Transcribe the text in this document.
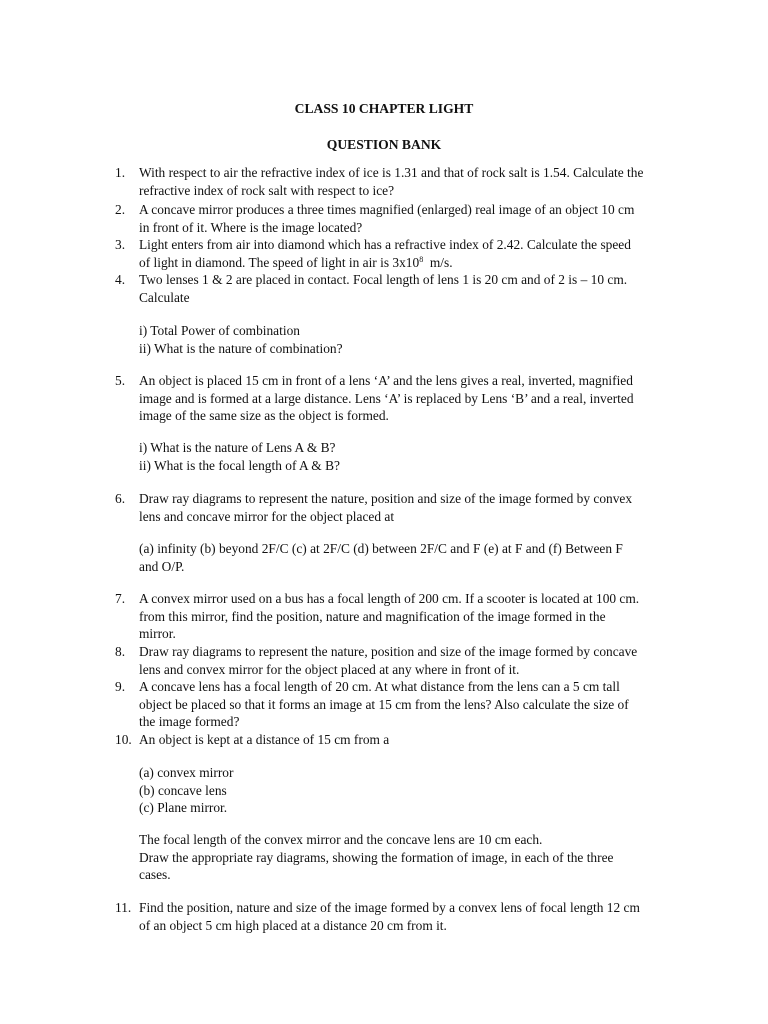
CLASS 10 CHAPTER LIGHT
QUESTION BANK
1. With respect to air the refractive index of ice is 1.31 and that of rock salt is 1.54. Calculate the
refractive index of rock salt with respect to ice?
2. A concave mirror produces a three times magnified (enlarged) real image of an object 10 cm
in front of it. Where is the image located?
3. Light enters from air into diamond which has a refractive index of 2.42. Calculate the speed
of light in diamond. The speed of light in air is $3x10^8$  m/s.
4. Two lenses 1 & 2 are placed in contact. Focal length of lens 1 is 20 cm and of 2 is – 10 cm.
Calculate
i) Total Power of combination
ii) What is the nature of combination?
5. An object is placed 15 cm in front of a lens ‘A’ and the lens gives a real, inverted, magnified
image and is formed at a large distance. Lens ‘A’ is replaced by Lens ‘B’ and a real, inverted
image of the same size as the object is formed.
i) What is the nature of Lens A & B?
ii) What is the focal length of A & B?
6. Draw ray diagrams to represent the nature, position and size of the image formed by convex
lens and concave mirror for the object placed at
(a) infinity (b) beyond 2F/C (c) at 2F/C (d) between 2F/C and F (e) at F and (f) Between F
and O/P.
7. A convex mirror used on a bus has a focal length of 200 cm. If a scooter is located at 100 cm.
from this mirror, find the position, nature and magnification of the image formed in the
mirror.
8. Draw ray diagrams to represent the nature, position and size of the image formed by concave
lens and convex mirror for the object placed at any where in front of it.
9. A concave lens has a focal length of 20 cm. At what distance from the lens can a 5 cm tall
object be placed so that it forms an image at 15 cm from the lens? Also calculate the size of
the image formed?
10. An object is kept at a distance of 15 cm from a
(a) convex mirror
(b) concave lens
(c) Plane mirror.
The focal length of the convex mirror and the concave lens are 10 cm each.
Draw the appropriate ray diagrams, showing the formation of image, in each of the three
cases.
11. Find the position, nature and size of the image formed by a convex lens of focal length 12 cm
of an object 5 cm high placed at a distance 20 cm from it.
